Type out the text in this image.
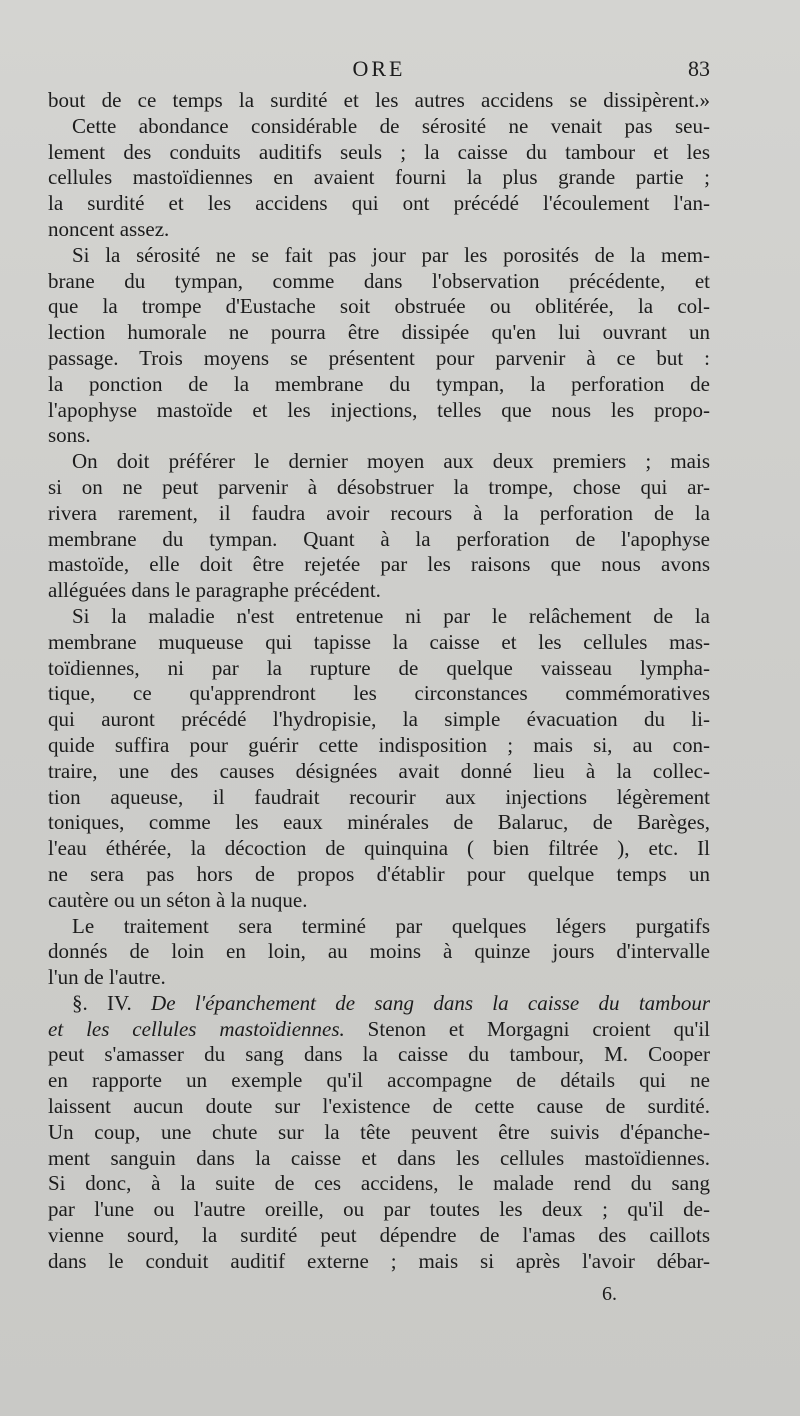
ORE	83
bout de ce temps la surdité et les autres accidens se dissipèrent.»
Cette abondance considérable de sérosité ne venait pas seu-
lement des conduits auditifs seuls ; la caisse du tambour et les
cellules mastoïdiennes en avaient fourni la plus grande partie ;
la surdité et les accidens qui ont précédé l'écoulement l'an-
noncent assez.
Si la sérosité ne se fait pas jour par les porosités de la mem-
brane du tympan, comme dans l'observation précédente, et
que la trompe d'Eustache soit obstruée ou oblitérée, la col-
lection humorale ne pourra être dissipée qu'en lui ouvrant un
passage. Trois moyens se présentent pour parvenir à ce but :
la ponction de la membrane du tympan, la perforation de
l'apophyse mastoïde et les injections, telles que nous les propo-
sons.
On doit préférer le dernier moyen aux deux premiers ; mais
si on ne peut parvenir à désobstruer la trompe, chose qui ar-
rivera rarement, il faudra avoir recours à la perforation de la
membrane du tympan. Quant à la perforation de l'apophyse
mastoïde, elle doit être rejetée par les raisons que nous avons
alléguées dans le paragraphe précédent.
Si la maladie n'est entretenue ni par le relâchement de la
membrane muqueuse qui tapisse la caisse et les cellules mas-
toïdiennes, ni par la rupture de quelque vaisseau lympha-
tique, ce qu'apprendront les circonstances commémoratives
qui auront précédé l'hydropisie, la simple évacuation du li-
quide suffira pour guérir cette indisposition ; mais si, au con-
traire, une des causes désignées avait donné lieu à la collec-
tion aqueuse, il faudrait recourir aux injections légèrement
toniques, comme les eaux minérales de Balaruc, de Barèges,
l'eau éthérée, la décoction de quinquina ( bien filtrée ), etc. Il
ne sera pas hors de propos d'établir pour quelque temps un
cautère ou un séton à la nuque.
Le traitement sera terminé par quelques légers purgatifs
donnés de loin en loin, au moins à quinze jours d'intervalle
l'un de l'autre.
§. IV. De l'épanchement de sang dans la caisse du tambour
et les cellules mastoïdiennes. Stenon et Morgagni croient qu'il
peut s'amasser du sang dans la caisse du tambour, M. Cooper
en rapporte un exemple qu'il accompagne de détails qui ne
laissent aucun doute sur l'existence de cette cause de surdité.
Un coup, une chute sur la tête peuvent être suivis d'épanche-
ment sanguin dans la caisse et dans les cellules mastoïdiennes.
Si donc, à la suite de ces accidens, le malade rend du sang
par l'une ou l'autre oreille, ou par toutes les deux ; qu'il de-
vienne sourd, la surdité peut dépendre de l'amas des caillots
dans le conduit auditif externe ; mais si après l'avoir débar-
6.
